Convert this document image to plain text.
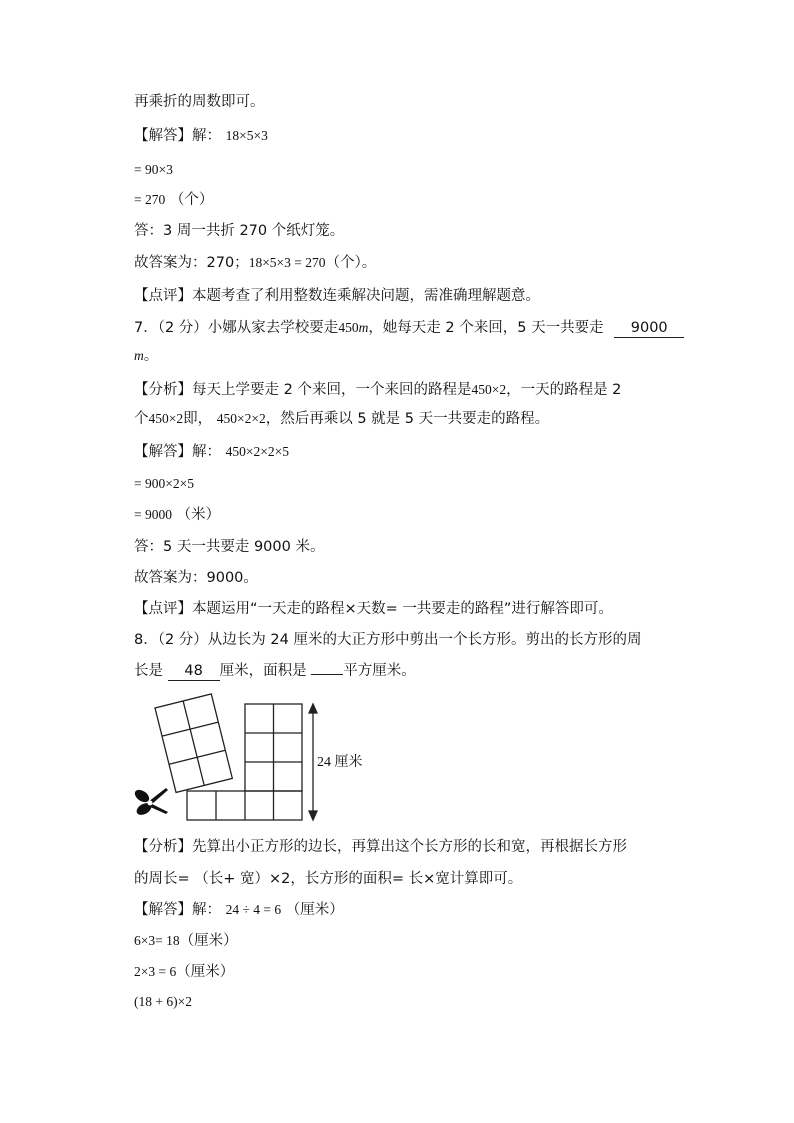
再乘折的周数即可。
【解答】解： 18×5×3
= 90×3
= 270 （个）
答：3 周一共折 270 个纸灯笼。
故答案为：270；18×5×3 = 270（个）。
【点评】本题考查了利用整数连乘解决问题，需准确理解题意。
7．（2 分）小娜从家去学校要走450m，她每天走 2 个来回，5 天一共要走 9000
m。
【分析】每天上学要走 2 个来回，一个来回的路程是450×2，一天的路程是 2
个450×2即， 450×2×2，然后再乘以 5 就是 5 天一共要走的路程。
【解答】解： 450×2×2×5
= 900×2×5
= 9000 （米）
答：5 天一共要走 9000 米。
故答案为：9000。
【点评】本题运用“一天走的路程×天数= 一共要走的路程”进行解答即可。
8．（2 分）从边长为 24 厘米的大正方形中剪出一个长方形。剪出的长方形的周
长是 48 厘米，面积是	平方厘米。
24 厘米
【分析】先算出小正方形的边长，再算出这个长方形的长和宽，再根据长方形
的周长= （长+ 宽）×2，长方形的面积= 长×宽计算即可。
【解答】解： 24 ÷ 4 = 6 （厘米）
6×3= 18（厘米）
2×3 = 6（厘米）
(18 + 6)×2
